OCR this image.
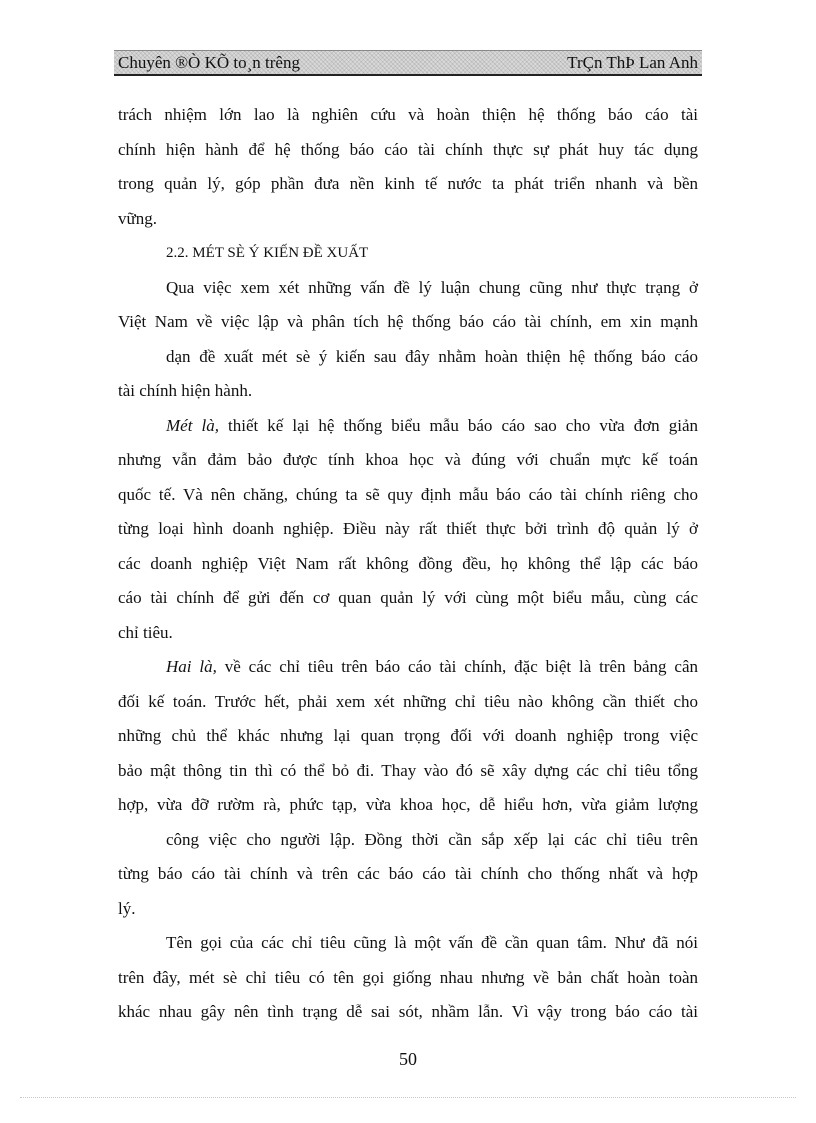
Chuyên ®Ò KÕ to¸n trêng	TrÇn ThÞ Lan Anh
trách nhiệm lớn lao là nghiên cứu và hoàn thiện hệ thống báo cáo tài
chính hiện hành để hệ thống báo cáo tài chính thực sự phát huy tác dụng
trong quản lý, góp phần đưa nền kinh tế nước ta phát triển nhanh và bền
vững.
2.2. MÉT SÈ Ý KIẾN ĐỀ XUẤT
Qua việc xem xét những vấn đề lý luận chung cũng như thực trạng ở
Việt Nam về việc lập và phân tích hệ thống báo cáo tài chính, em xin mạnh
dạn đề xuất mét sè ý kiến sau đây nhằm hoàn thiện hệ thống báo cáo
tài chính hiện hành.
Mét là, thiết kế lại hệ thống biểu mẫu báo cáo sao cho vừa đơn giản
nhưng vẫn đảm bảo được tính khoa học và đúng với chuẩn mực kế toán
quốc tế. Và nên chăng, chúng ta sẽ quy định mẫu báo cáo tài chính riêng cho
từng loại hình doanh nghiệp. Điều này rất thiết thực bởi trình độ quản lý ở
các doanh nghiệp Việt Nam rất không đồng đều, họ không thể lập các báo
cáo tài chính để gửi đến cơ quan quản lý với cùng một biểu mẫu, cùng các
chỉ tiêu.
Hai là, về các chỉ tiêu trên báo cáo tài chính, đặc biệt là trên bảng cân
đối kế toán. Trước hết, phải xem xét những chỉ tiêu nào không cần thiết cho
những chủ thể khác nhưng lại quan trọng đối với doanh nghiệp trong việc
bảo mật thông tin thì có thể bỏ đi. Thay vào đó sẽ xây dựng các chỉ tiêu tổng
hợp, vừa đỡ rườm rà, phức tạp, vừa khoa học, dễ hiểu hơn, vừa giảm lượng
công việc cho người lập. Đồng thời cần sắp xếp lại các chỉ tiêu trên
từng báo cáo tài chính và trên các báo cáo tài chính cho thống nhất và hợp
lý.
Tên gọi của các chỉ tiêu cũng là một vấn đề cần quan tâm. Như đã nói
trên đây, mét sè chỉ tiêu có tên gọi giống nhau nhưng về bản chất hoàn toàn
khác nhau gây nên tình trạng dễ sai sót, nhầm lẫn. Vì vậy trong báo cáo tài
50
